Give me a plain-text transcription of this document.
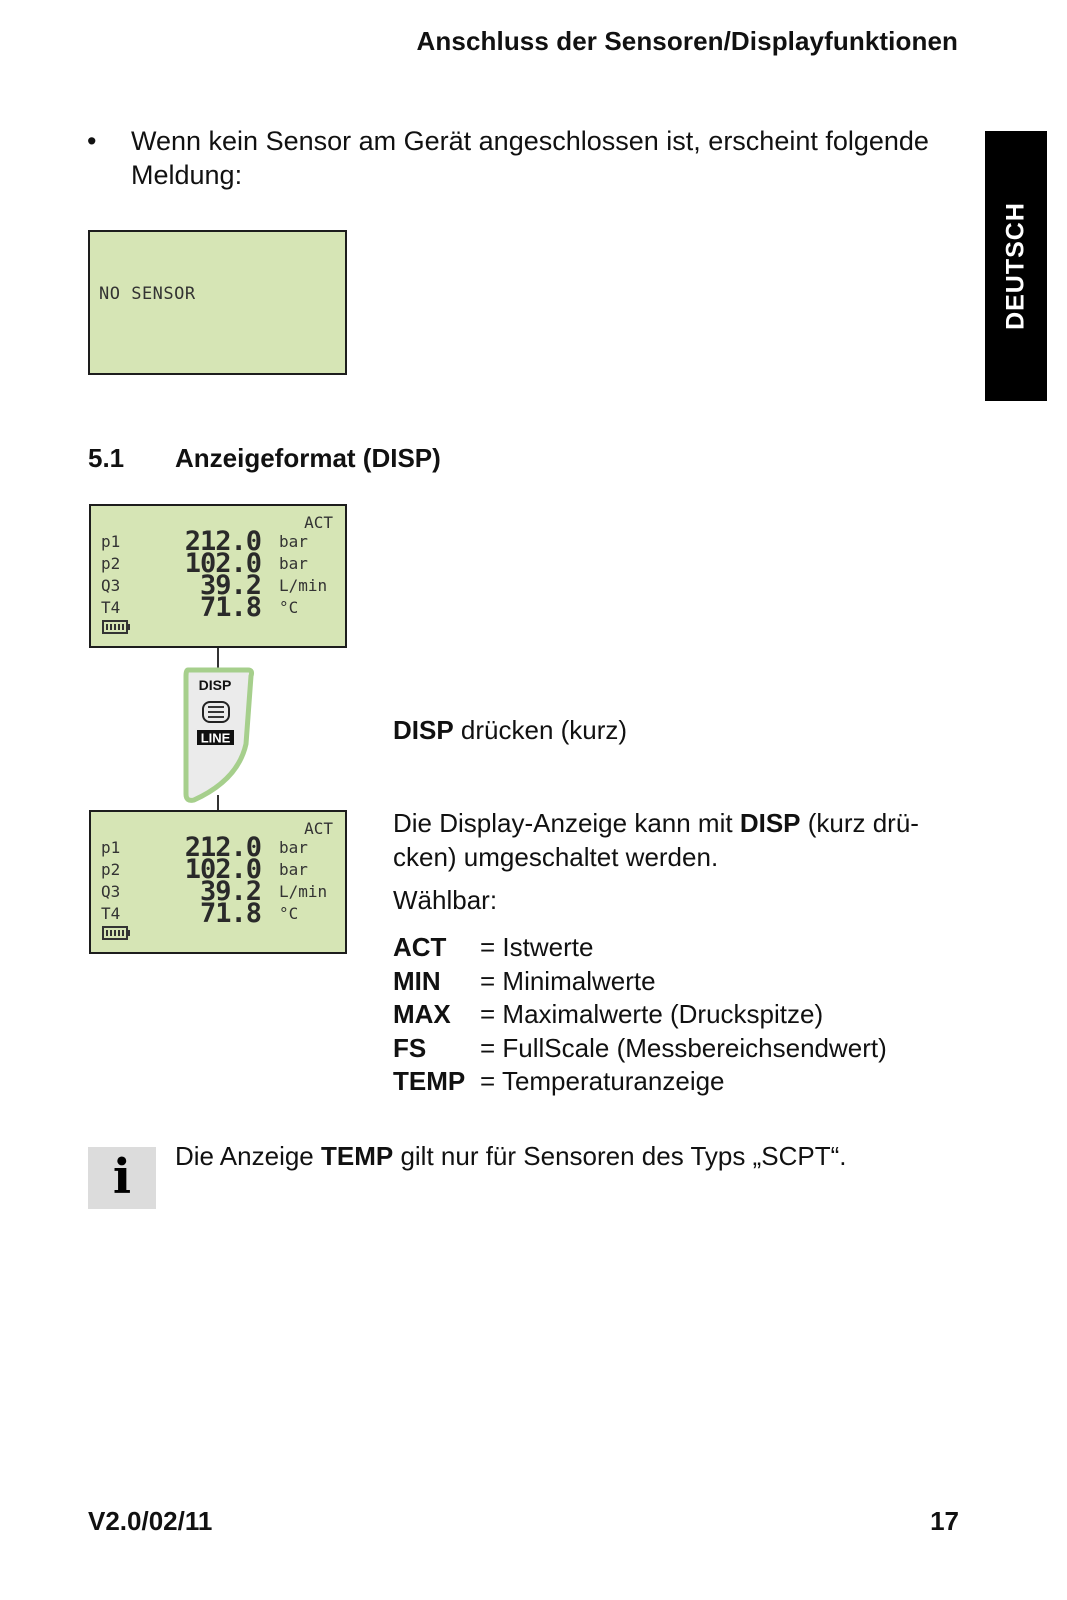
Anschluss der Sensoren/Displayfunktionen
DEUTSCH
• Wenn kein Sensor am Gerät angeschlossen ist, erscheint folgende Meldung:
NO SENSOR
5.1 Anzeigeformat (DISP)
ACT
p1 212.0 bar
p2 102.0 bar
Q3	39.2 L/min
T4	71.8 °C
DISP
LINE
ACT
p1 212.0 bar
p2 102.0 bar
Q3	39.2 L/min
T4	71.8 °C
DISP drücken (kurz)
Die Display-Anzeige kann mit DISP (kurz drü-cken) umgeschaltet werden.
Wählbar:
ACT	= Istwerte
MIN	= Minimalwerte
MAX	= Maximalwerte (Druckspitze)
FS	= FullScale (Messbereichsendwert)
TEMP = Temperaturanzeige
i	Die Anzeige TEMP gilt nur für Sensoren des Typs „SCPT“.
V2.0/02/11	17
